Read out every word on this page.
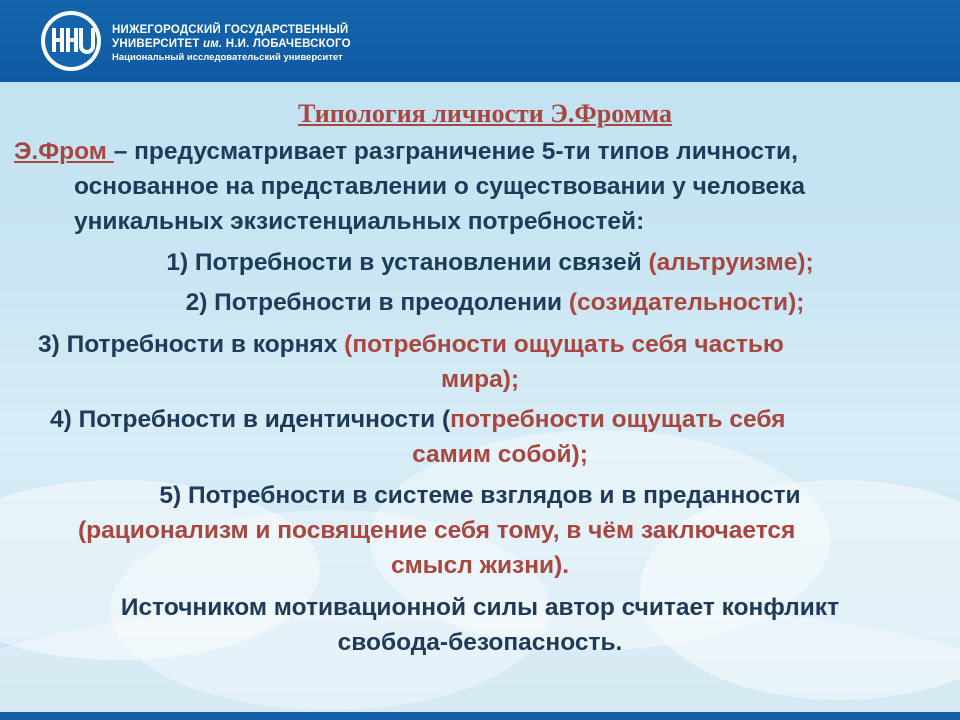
НИЖЕГОРОДСКИЙ ГОСУДАРСТВЕННЫЙ
УНИВЕРСИТЕТ им. Н.И. ЛОБАЧЕВСКОГО
Национальный исследовательский университет
Типология личности Э.Фромма
Э.Фром – предусматривает разграничение 5-ти типов личности,
основанное на представлении о существовании у человека
уникальных экзистенциальных потребностей:
1) Потребности в установлении связей (альтруизме);
2) Потребности в преодолении (созидательности);
3) Потребности в корнях (потребности ощущать себя частью
мира);
4) Потребности в идентичности (потребности ощущать себя
самим собой);
5) Потребности в системе взглядов и в преданности
(рационализм и посвящение себя тому, в чём заключается
смысл жизни).
Источником мотивационной силы автор считает конфликт
свобода-безопасность.
